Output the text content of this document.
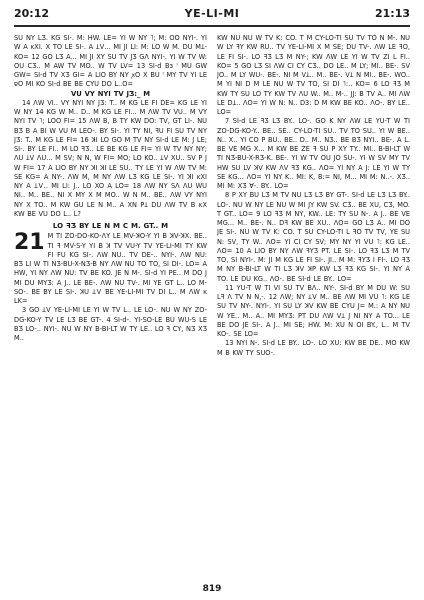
20:12	YE-LI-MI	21:13

SU NY LƷ. KG SI-. M: HW. LE= YI W NY ˥; M: OO NYI-. YI W A ᴋXI. X TO LE SI-. A ꞱⅤ... MI JI LI: M: LO W M. DU MꞱ- KO= 12 GO LƷ A... MI JI XY SU TV JƷ GɅ NYI-. YI W TV W: OU CƷ.. M AW TV MO.. W TV LV= 13 SI-d Bɜ ᴵ MU GW GW= SI-d TV XƷ GI= A LIO BY NY ꭗO X BU ᴵ MY TV YI LE ɐO MI KO SI-d BE BE CYU DO L..O=

VU VY NYI TV JƷ:_ M

14 ɅW VI.. VY NYI NY JƷ: T.. M KG LE FI DE= KG LE YI W NY 14 KG W M.. D.. M KG LE FI... M ɅW TV VU.. M VY NYI TV ˥; LOO FI= 15 ɅW B, B TY KW DO: TV, GT LI-. NU BƷ B A BI W VU M LEO-. BY SI-. YI TY NI, ꟻU FI SU TV NY JƷ: T.. M KG LE FI= 16 ꓘI LO GO M TV NY SI-d LE M: J LE; SI-. BY LE FI.. M LO ꟻƷ.. LE BE KG LE FI= YI W TV NY NY; ΛU ꞱⅤ ɅU... M SV; N N, W FI= MO; LO KO.. ꞱⅤ XU.. SV P J W FI= 17 A LIO BY NY ꓘI ꓘI LE SU.. TY LE YI W ΛW TV M: SE KG= A NY-. ɅW M, M NY ΛW LƷ KG LE SI-. YI ꓘI ᴋXI NY A ꞱⅤ.. MI LI: J.. LO XO A LO= 18 ɅW NY SΛ ɅU WU NI.. M.. BE.. NI X MY X M MO.. W N M.. BE.. ΛW VY NYI NY X TO.. M KW GU LE N M.. A XN PꞱ DU ΛW TV B ᴋX KW BE VU DO L.. L?

LO ꟻƷ BY LE N M C M. GT.. M

21 M TI ZO-DO-KO-ɅY LE MV-ꓘO-Y YI B ꓘV-ꓘX. BE.. TI ꟻ MV-S-Y YI B ꓘ TV VU-Y TV YE-LI-MI TY KW FI FU KG SI-. ɅW NU.. TV DE-.. NYI-. ɅW NU: BƷ LI W TI NƷ-BU-X-NƷ-B NY ɅW NU TO TO, SI DI-. LO= A HW, YI NY ɅW NU: TV BE KO. JE N M-. SI-d YI PE.. M DO J MI DU MYƷ: A J.. LE BE-. ΛW NU TV-. MI YE GT L.. LO M- SO-. BE BY LE SI-. ꓘU ꞱⅤ BE YE-LI-MI TV DI L.. M ɅW ᴋ LK=

3 GO ꞱⅤ YE-LI-MI LE YI W TV L.. LE LO-. NU W NY ZO-DG-KO-Y TV LE LƷ BE GT-. 4 SI-d-. YI-SO-LE BU WU-S LE BƷ LO-.. NYI-. NU W NY B-BI-LT W TY LE.. LO ꟻ CY, NƷ XƷ M..

KW NU NU W TV K: CO. T M CY-LO-TI SU TV TO N M-. NU W LY ꟻY KW RU.. TV YE-LI-MI X M SE; DU TV-. ɅW LE ꟻO, LE FI SI-. LO ꟻƷ LƷ M NY-; KW ΛW LE YI W TV ZI L FI.. KO= 5 GO LƷ SI ΛW CI CY CƷ.. DO LE.. M LY; MI.. BE-. SV JO.. M LY WU-. BE-. NI M VꞱ.. M.. BE-. VꞱ N MI.. BE-. WO.. M YI NI D M LE NU W TV TO, SI DI ˥:.. KO= 6 LO ꟻƷ M KW TY SU LO TY KW TV ΛU W.. M.. M-.. JJ: B TV A.. MI ɅW LE DꞱ.. ΛO= YI W N: N.. D3: D M KW BE KO.. ΛO-. BY LE.. LO=

7 SI-d LE ꟻƷ LƷ BY.. LO-. GO K NY ɅW LE YU-T W TI ZO-DG-KO-Y.. BE.. SE.. CY-LO-TI SU.. TV TO SU.. YI W BE.. N.. X.. YI CO P BU.. BE.. D.. M.. NƷ.. BE BƷ NYI.. BE-. A L. BE VE MG X... M KW BE ZE ꟻ SU P XY TY.. MI.. B-BI-LT W TI NƷ-BU-X-RƷ-K. BE-. YI W TV OU JO SU-. YI W SV MY TV HW SU LV ꓘV KW ΛV ꟻƷ KG.. ΛO= YI NY A J: LE YI W TY SE KG... ΛO= YI NY K.. MI: K, B:= NI, M... MI M: N..-. XƷ.. MI M: XƷ Ɐ-. BY.. LO=

8 P XY BU LƷ M TV NU LƷ LƷ BY GT-. SI-d LE LƷ LƷ BY.. LO-. NU W NY LE NU W MI JY KW SV. CƷ.. BE XU, CƷ, MO. T GT.. LO= 9 LO ꟻƷ M NY, KW.. LE: TY SU N-. A J.. BE VE MG... M.. BE-. N.. Dꟻ KW BE XU.. ΛO= GO LƷ A.. MI DO JE SI-. NU W TV K: CO. T SU CY-LO-TI L ꟻO TV TV, YE SU N: SV, TY W.. ΛO= YI CI CY SV; MY NY YI VU ˥: KG LE.. ΛO= 10 A LIO BY NY ΛW ꟻYƷ PT. LE SI-. LO ꟻƷ LƷ M TV TO, SI NYI-. M: JI M KG LE FI SI-. JI.. M M: ꟻYƷ I FI-. LO ꟻƷ M NY B-BI-LT W TI LƷ ꓘV ꓘP KW LƷ ꟻƷ KG SI-. YI NY A TO. LE DU KG.. ΛO-. BE SI-d LE BY.. LO=

11 YU-T W TI VI SU TV BΛ.. NY-. SI-d BY M DU W: SU Lꟻ Ʌ TV N N,-. 12 ΛW; NY ꞱⅤ M.. BE ΛW MI VU ˥: KG LE SU TV NY-. NYI-. YI SU LY ꓘV KW BE CYU J= M.: A NY NU W YE.. M.. A.. MI MYƷ: PT DU ΛW VꞱ J NI NY A TO... LE BE DO JE SI-. A J.. MI SE; HW. M: XU N OI BY., L.. M TV KO-. SE LO=

13 NYI N-. SI-d LE BY.. LO-. LO XU: KW BE DE.. MO KW M B KW TY SUO-.

819
